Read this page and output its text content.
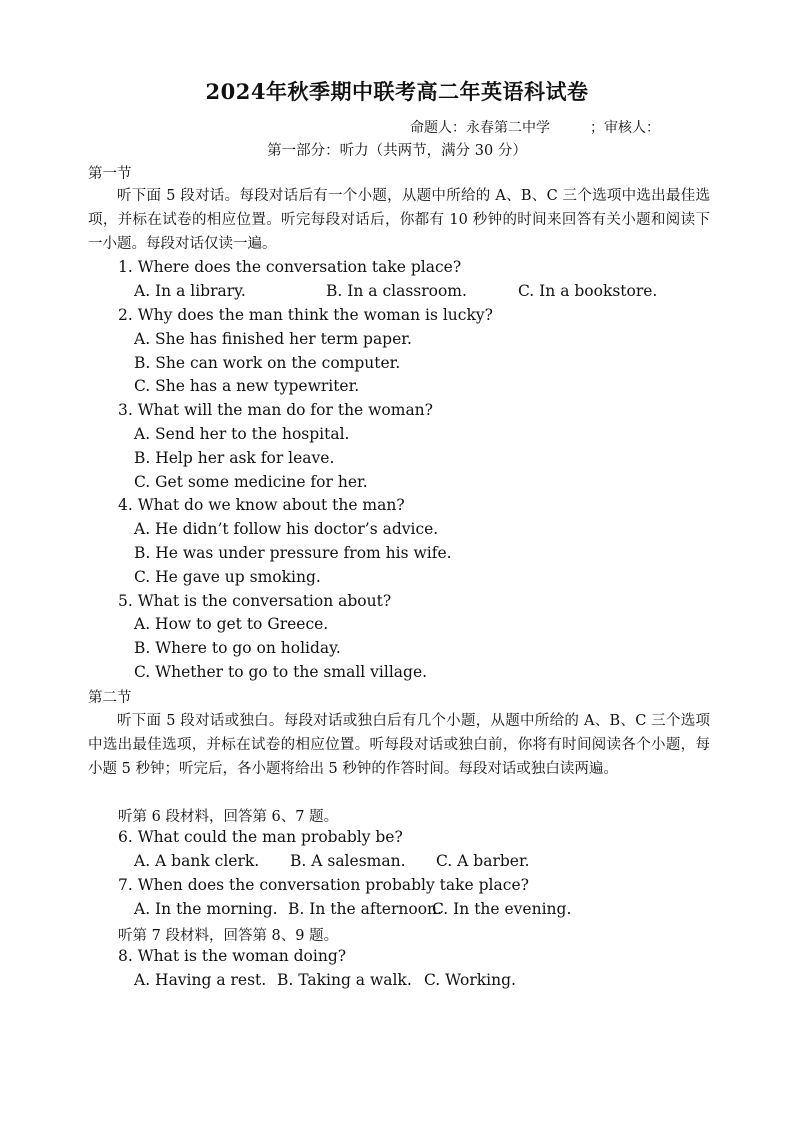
2024年秋季期中联考高二年英语科试卷
命题人：永春第二中学	；审核人：
第一部分：听力（共两节，满分 30 分）
第一节
听下面 5 段对话。每段对话后有一个小题，从题中所给的 A、B、C 三个选项中选出最佳选项，并标在试卷的相应位置。听完每段对话后，你都有 10 秒钟的时间来回答有关小题和阅读下一小题。每段对话仅读一遍。
1. Where does the conversation take place?
A. In a library.	B. In a classroom.	C. In a bookstore.
2. Why does the man think the woman is lucky?
A. She has finished her term paper.
B. She can work on the computer.
C. She has a new typewriter.
3. What will the man do for the woman?
A. Send her to the hospital.
B. Help her ask for leave.
C. Get some medicine for her.
4. What do we know about the man?
A. He didn’t follow his doctor’s advice.
B. He was under pressure from his wife.
C. He gave up smoking.
5. What is the conversation about?
A. How to get to Greece.
B. Where to go on holiday.
C. Whether to go to the small village.
第二节
听下面 5 段对话或独白。每段对话或独白后有几个小题，从题中所给的 A、B、C 三个选项中选出最佳选项，并标在试卷的相应位置。听每段对话或独白前，你将有时间阅读各个小题，每小题 5 秒钟；听完后，各小题将给出 5 秒钟的作答时间。每段对话或独白读两遍。
听第 6 段材料，回答第 6、7 题。
6. What could the man probably be?
A. A bank clerk. B. A salesman. C. A barber.
7. When does the conversation probably take place?
A. In the morning. B. In the afternoon.
C. In the evening.
听第 7 段材料，回答第 8、9 题。
8. What is the woman doing?
A. Having a rest. B. Taking a walk. C. Working.
